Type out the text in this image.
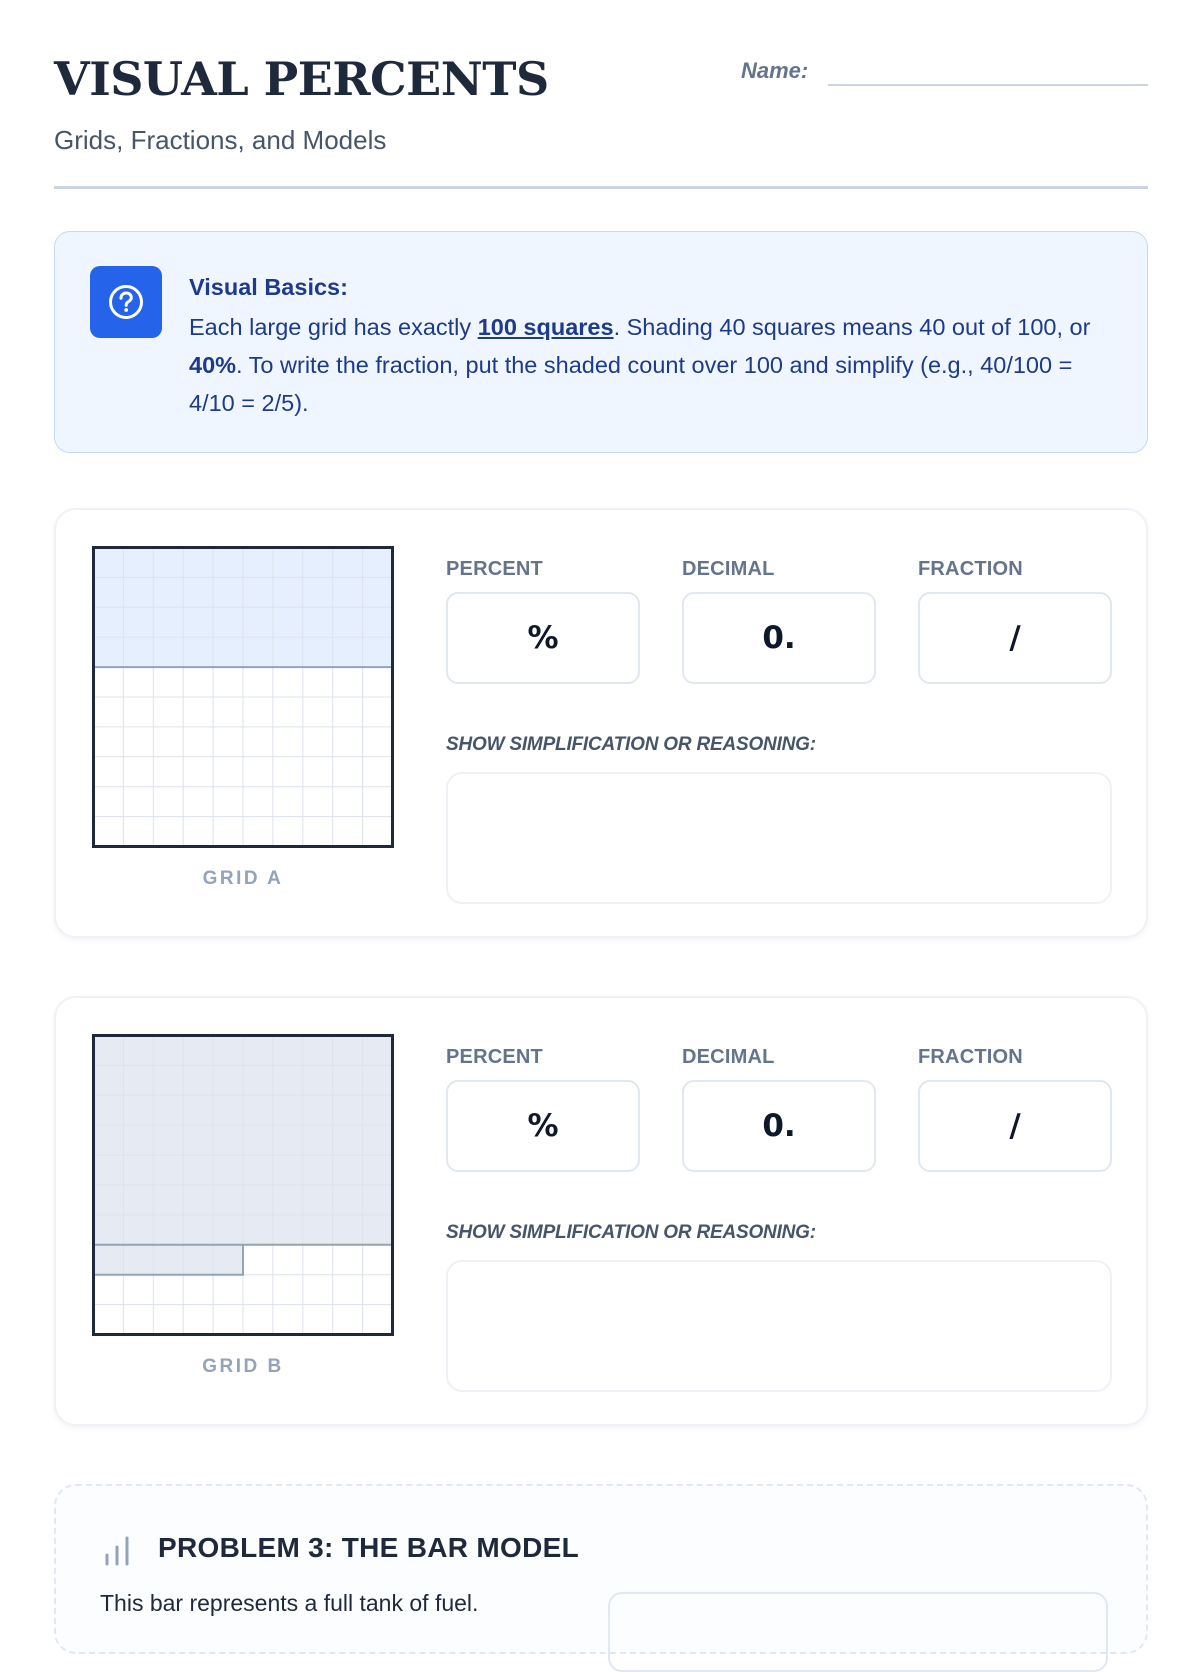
VISUAL PERCENTS
Grids, Fractions, and Models
Name:
Visual Basics:
Each large grid has exactly 100 squares. Shading 40 squares means 40 out of 100, or 40%. To write the fraction, put the shaded count over 100 and simplify (e.g., 40/100 = 4/10 = 2/5).
GRID A
PERCENT	DECIMAL	FRACTION
%	0.	/
SHOW SIMPLIFICATION OR REASONING:
GRID B
PERCENT	DECIMAL	FRACTION
%	0.	/
SHOW SIMPLIFICATION OR REASONING:
PROBLEM 3: THE BAR MODEL
This bar represents a full tank of fuel.
